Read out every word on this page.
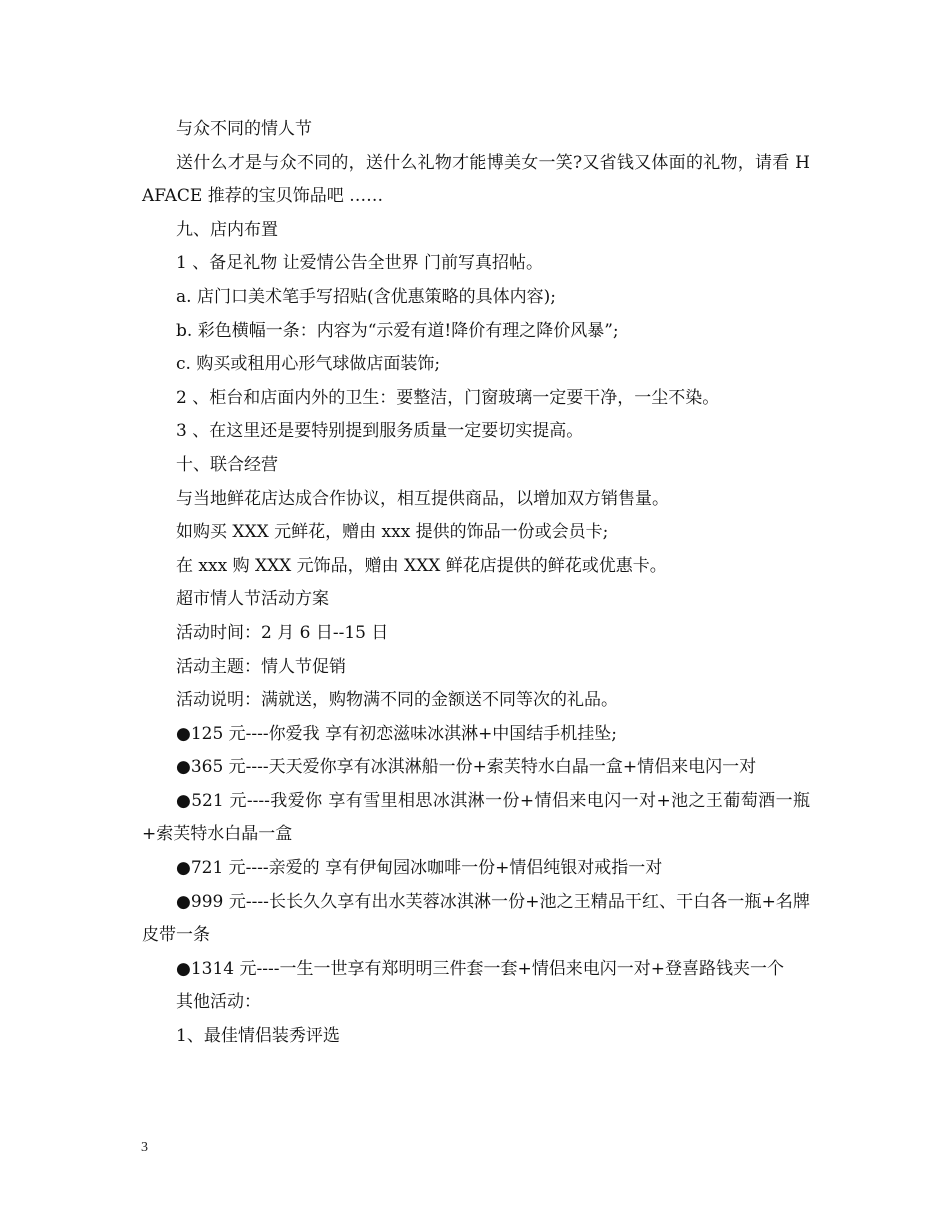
与众不同的情人节

送什么才是与众不同的，送什么礼物才能博美女一笑?又省钱又体面的礼物，请看 HAFACE 推荐的宝贝饰品吧 ……

九、店内布置

1 、备足礼物 让爱情公告全世界 门前写真招帖。

a. 店门口美术笔手写招贴(含优惠策略的具体内容);

b. 彩色横幅一条：内容为“示爱有道!降价有理之降价风暴”;

c. 购买或租用心形气球做店面装饰;

2 、柜台和店面内外的卫生：要整洁，门窗玻璃一定要干净，一尘不染。

3 、在这里还是要特别提到服务质量一定要切实提高。

十、联合经营

与当地鲜花店达成合作协议，相互提供商品，以增加双方销售量。

如购买 XXX 元鲜花，赠由 xxx 提供的饰品一份或会员卡;

在 xxx 购 XXX 元饰品，赠由 XXX 鲜花店提供的鲜花或优惠卡。

超市情人节活动方案

活动时间：2 月 6 日--15 日

活动主题：情人节促销

活动说明：满就送，购物满不同的金额送不同等次的礼品。

●125 元----你爱我 享有初恋滋味冰淇淋+中国结手机挂坠;

●365 元----天天爱你享有冰淇淋船一份+索芙特水白晶一盒+情侣来电闪一对

●521 元----我爱你 享有雪里相思冰淇淋一份+情侣来电闪一对+池之王葡萄酒一瓶+索芙特水白晶一盒

●721 元----亲爱的 享有伊甸园冰咖啡一份+情侣纯银对戒指一对

●999 元----长长久久享有出水芙蓉冰淇淋一份+池之王精品干红、干白各一瓶+名牌皮带一条

●1314 元----一生一世享有郑明明三件套一套+情侣来电闪一对+登喜路钱夹一个

其他活动：

1、最佳情侣装秀评选

3
